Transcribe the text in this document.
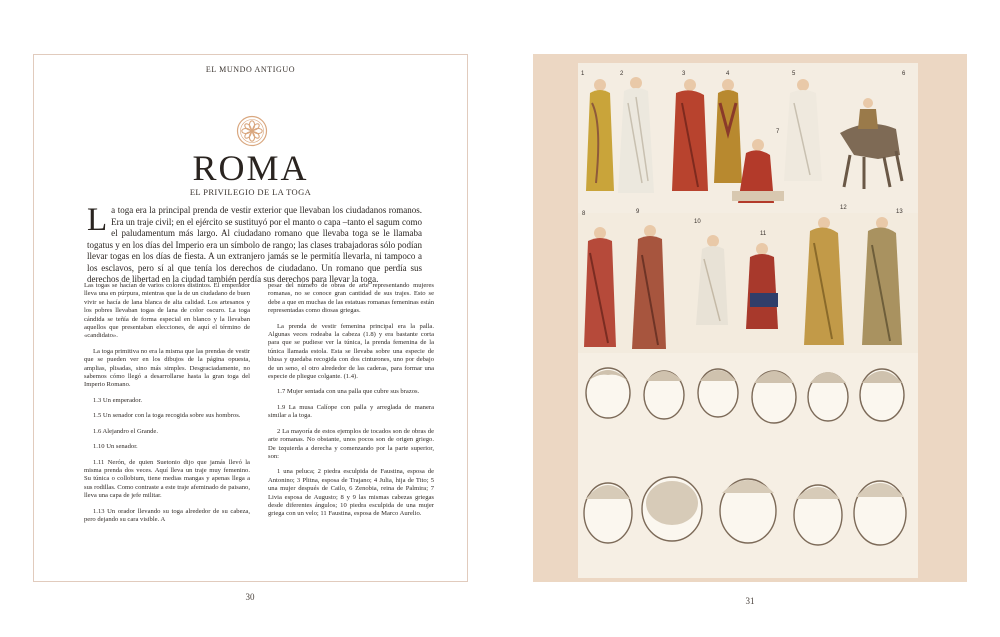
EL MUNDO ANTIGUO
ROMA
EL PRIVILEGIO DE LA TOGA
La toga era la principal prenda de vestir exterior que llevaban los ciudadanos romanos. Era un traje civil; en el ejército se sustituyó por el manto o capa –tanto el sagum como el paludamentum más largo. Al ciudadano romano que llevaba toga se le llamaba togatus y en los días del Imperio era un símbolo de rango; las clases trabajadoras sólo podían llevar togas en los días de fiesta. A un extranjero jamás se le permitía llevarla, ni tampoco a los esclavos, pero sí al que tenía los derechos de ciudadano. Un romano que perdía sus derechos de libertad en la ciudad también perdía sus derechos para llevar la toga.

Las togas se hacían de varios colores distintos. El emperador lleva una en púrpura, mientras que la de un ciudadano de buen vivir se hacía de lana blanca de alta calidad. Los artesanos y los pobres llevaban togas de lana de color oscuro. La toga cándida se teñía de forma especial en blanco y la llevaban aquellos que presentaban elecciones, de aquí el término de «candidato».

La toga primitiva no era la misma que las prendas de vestir que se pueden ver en los dibujos de la página opuesta, amplias, plisadas, sino más simples. Desgraciadamente, no sabemos cómo llegó a desarrollarse hasta la gran toga del Imperio Romano.

1.3 Un emperador.

1.5 Un senador con la toga recogida sobre sus hombros.

1.6 Alejandro el Grande.

1.10 Un senador.

1.11 Nerón, de quien Suetonio dijo que jamás llevó la misma prenda dos veces. Aquí lleva un traje muy femenino. Su túnica o collobium, tiene medias mangas y apenas llega a sus rodillas. Como contraste a este traje afeminado de paisano, lleva una capa de jefe militar.

1.13 Un orador llevando su toga alrededor de su cabeza, pero dejando su cara visible. A

pesar del número de obras de arte representando mujeres romanas, no se conoce gran cantidad de sus trajes. Esto se debe a que en muchas de las estatuas romanas femeninas están representadas como diosas griegas.

La prenda de vestir femenina principal era la palla. Algunas veces rodeaba la cabeza (1.8) y era bastante corta para que se pudiese ver la túnica, la prenda femenina de la túnica llamada estola. Esta se llevaba sobre una especie de blusa y quedaba recogida con dos cinturones, uno por debajo de un seno, el otro alrededor de las caderas, para formar una especie de pliegue colgante. (1.4).

1.7 Mujer sentada con una palla que cubre sus brazos.

1.9 La musa Calíope con palla y arreglada de manera similar a la toga.

2 La mayoría de estos ejemplos de tocados son de obras de arte romanas. No obstante, unos pocos son de origen griego. De izquierda a derecha y comenzando por la parte superior, son:

1 una peluca; 2 piedra esculpida de Faustina, esposa de Antonino; 3 Plitna, esposa de Trajano; 4 Julia, hija de Tito; 5 una mujer después de Cailo, 6 Zenobia, reina de Palmira; 7 Livia esposa de Augusto; 8 y 9 las mismas cabezas griegas desde diferentes ángulos; 10 piedra esculpida de una mujer griega con un velo; 11 Faustina, esposa de Marco Aurelio.

30
1	2	3	4	5	6
7
8	9
10
11
12
13
31
